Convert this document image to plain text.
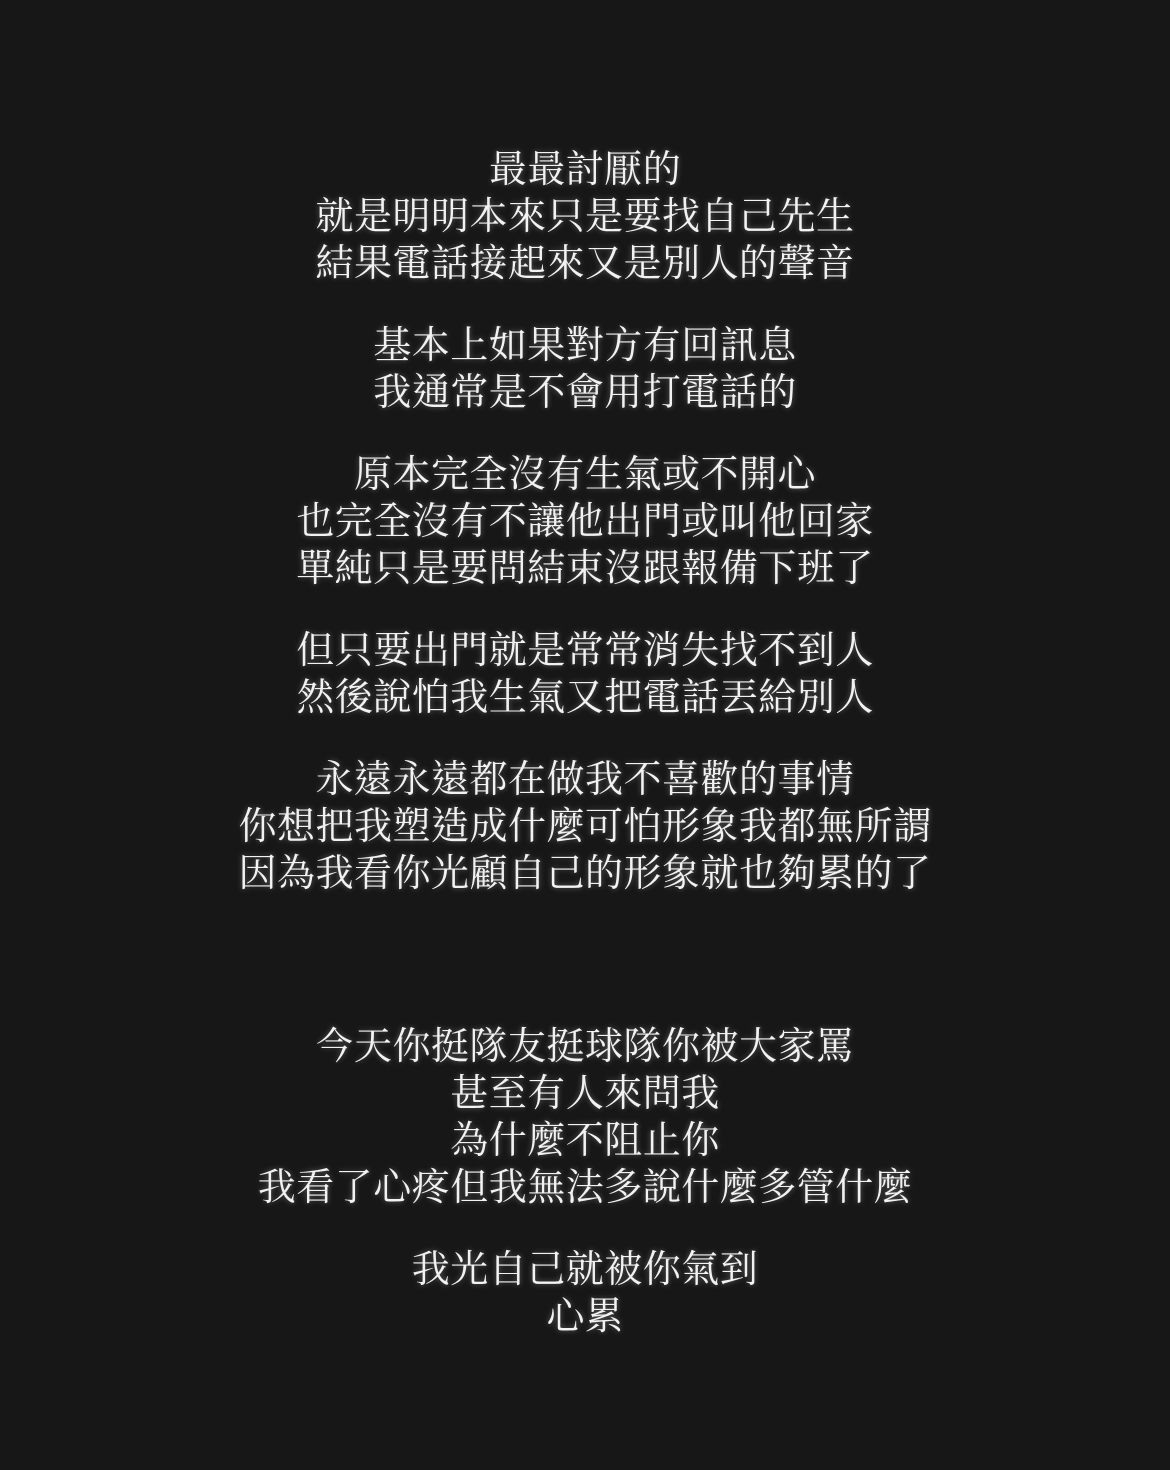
最最討厭的
就是明明本來只是要找自己先生
結果電話接起來又是別人的聲音
基本上如果對方有回訊息
我通常是不會用打電話的
原本完全沒有生氣或不開心
也完全沒有不讓他出門或叫他回家
單純只是要問結束沒跟報備下班了
但只要出門就是常常消失找不到人
然後說怕我生氣又把電話丟給別人
永遠永遠都在做我不喜歡的事情
你想把我塑造成什麼可怕形象我都無所謂
因為我看你光顧自己的形象就也夠累的了
今天你挺隊友挺球隊你被大家罵
甚至有人來問我
為什麼不阻止你
我看了心疼但我無法多說什麼多管什麼
我光自己就被你氣到
心累
